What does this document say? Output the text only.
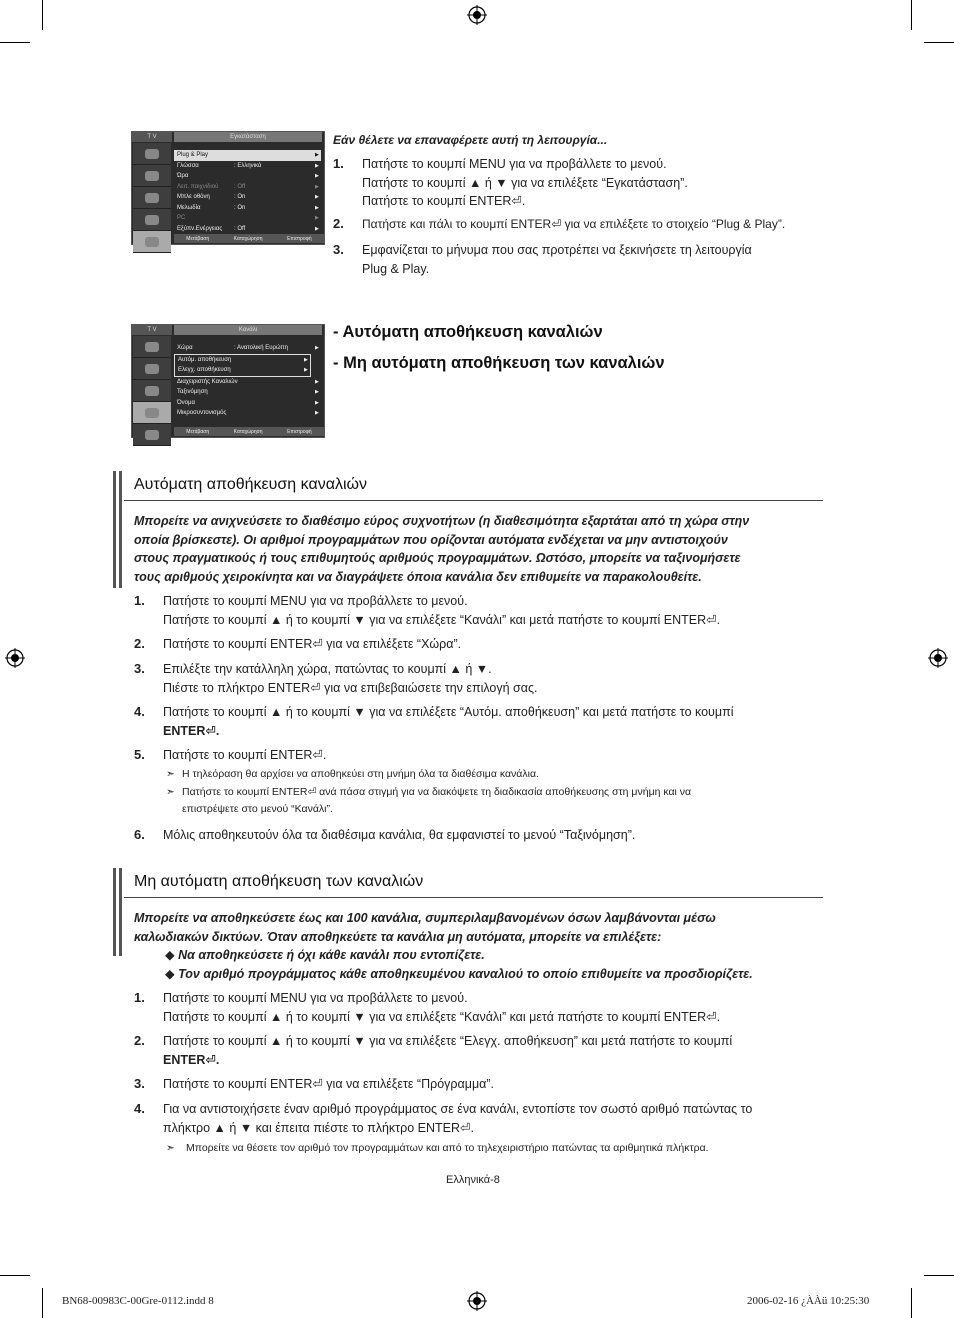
T V	Εγκατάσταση
Plug & Play	▶
Γλώσσα	: Ελληνικά	▶
Ώρα	▶
Λειτ. παιχνιδιού	: Off	▶
Μπλε οθόνη	: On	▶
Μελωδία	: On	▶
PC	▶
Εξύπν.Ενέργειας	: Off	▶
Μετάβαση	Καταχώρηση	Επιστροφή
T V	Κανάλι
Χώρα	: Ανατολική Ευρώπη	▶
Αυτόμ. αποθήκευση	▶
Ελεγχ. αποθήκευση	▶
Διαχειριστής Καναλιών	▶
Ταξινόμηση	▶
Όνομα	▶
Μικροσυντονισμός	▶
Μετάβαση	Καταχώρηση	Επιστροφή
Εάν θέλετε να επαναφέρετε αυτή τη λειτουργία...
1. Πατήστε το κουμπί MENU για να προβάλλετε το μενού.
Πατήστε το κουμπί ▲ ή ▼ για να επιλέξετε “Εγκατάσταση”.
Πατήστε το κουμπί ENTER⏎.
2. Πατήστε και πάλι το κουμπί ENTER⏎ για να επιλέξετε το στοιχείο “Plug & Play”.
3. Εμφανίζεται το μήνυμα που σας προτρέπει να ξεκινήσετε τη λειτουργία
Plug & Play.
- Αυτόματη αποθήκευση καναλιών
- Μη αυτόματη αποθήκευση των καναλιών
Αυτόματη αποθήκευση καναλιών
Μπορείτε να ανιχνεύσετε το διαθέσιμο εύρος συχνοτήτων (η διαθεσιμότητα εξαρτάται από τη χώρα στην
οποία βρίσκεστε). Οι αριθμοί προγραμμάτων που ορίζονται αυτόματα ενδέχεται να μην αντιστοιχούν
στους πραγματικούς ή τους επιθυμητούς αριθμούς προγραμμάτων. Ωστόσο, μπορείτε να ταξινομήσετε
τους αριθμούς χειροκίνητα και να διαγράψετε όποια κανάλια δεν επιθυμείτε να παρακολουθείτε.
1. Πατήστε το κουμπί MENU για να προβάλλετε το μενού.
Πατήστε το κουμπί ▲ ή το κουμπί ▼ για να επιλέξετε “Κανάλι” και μετά πατήστε το κουμπί ENTER⏎.
2. Πατήστε το κουμπί ENTER⏎ για να επιλέξετε “Χώρα”.
3. Επιλέξτε την κατάλληλη χώρα, πατώντας το κουμπί ▲ ή ▼.
Πιέστε το πλήκτρο ENTER⏎ για να επιβεβαιώσετε την επιλογή σας.
4. Πατήστε το κουμπί ▲ ή το κουμπί ▼ για να επιλέξετε “Αυτόμ. αποθήκευση” και μετά πατήστε το κουμπί
ENTER⏎.
5. Πατήστε το κουμπί ENTER⏎.
➣ Η τηλεόραση θα αρχίσει να αποθηκεύει στη μνήμη όλα τα διαθέσιμα κανάλια.
➣ Πατήστε το κουμπί ENTER⏎ ανά πάσα στιγμή για να διακόψετε τη διαδικασία αποθήκευσης στη μνήμη και να
επιστρέψετε στο μενού “Κανάλι”.
6. Μόλις αποθηκευτούν όλα τα διαθέσιμα κανάλια, θα εμφανιστεί το μενού “Ταξινόμηση”.
Μη αυτόματη αποθήκευση των καναλιών
Μπορείτε να αποθηκεύσετε έως και 100 κανάλια, συμπεριλαμβανομένων όσων λαμβάνονται μέσω
καλωδιακών δικτύων. Όταν αποθηκεύετε τα κανάλια μη αυτόματα, μπορείτε να επιλέξετε:
◆ Να αποθηκεύσετε ή όχι κάθε κανάλι που εντοπίζετε.
◆ Τον αριθμό προγράμματος κάθε αποθηκευμένου καναλιού το οποίο επιθυμείτε να προσδιορίζετε.
1. Πατήστε το κουμπί MENU για να προβάλλετε το μενού.
Πατήστε το κουμπί ▲ ή το κουμπί ▼ για να επιλέξετε “Κανάλι” και μετά πατήστε το κουμπί ENTER⏎.
2. Πατήστε το κουμπί ▲ ή το κουμπί ▼ για να επιλέξετε “Ελεγχ. αποθήκευση” και μετά πατήστε το κουμπί
ENTER⏎.
3. Πατήστε το κουμπί ENTER⏎ για να επιλέξετε “Πρόγραμμα”.
4. Για να αντιστοιχήσετε έναν αριθμό προγράμματος σε ένα κανάλι, εντοπίστε τον σωστό αριθμό πατώντας το
πλήκτρο ▲ ή ▼ και έπειτα πιέστε το πλήκτρο ENTER⏎.
➣ Μπορείτε να θέσετε τον αριθμό τον προγραμμάτων και από το τηλεχειριστήριο πατώντας τα αριθμητικά πλήκτρα.
Ελληνικά-8
BN68-00983C-00Gre-0112.indd 8	2006-02-16 ¿ÀÀü 10:25:30
